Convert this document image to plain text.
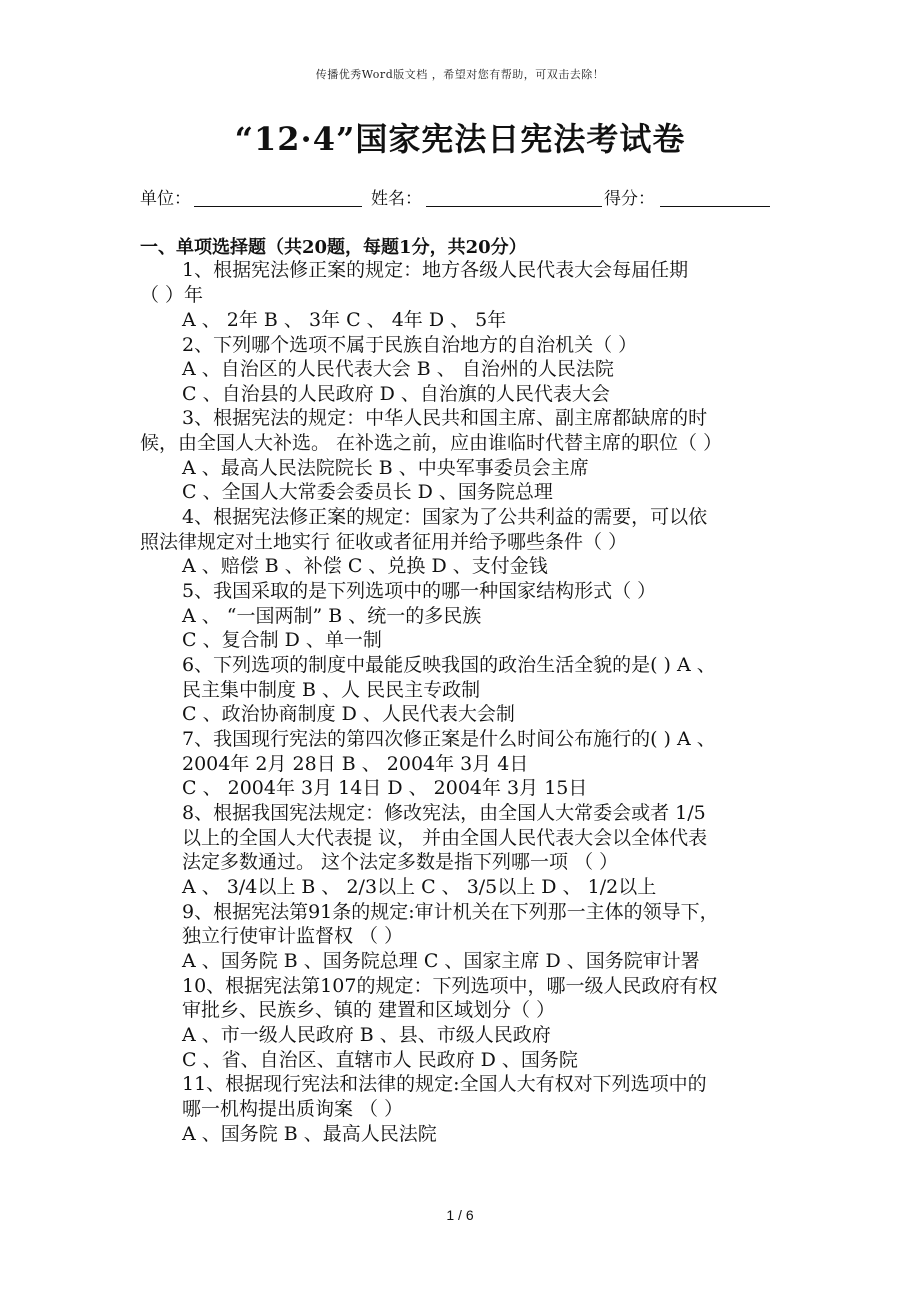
传播优秀Word版文档 ，希望对您有帮助，可双击去除！
“12·4”国家宪法日宪法考试卷
单位：	姓名：	得分：
一、单项选择题（共20题，每题1分，共20分）
1、根据宪法修正案的规定：地方各级人民代表大会每届任期
（ ）年
A 、 2年 B 、 3年 C 、 4年 D 、 5年
2、下列哪个选项不属于民族自治地方的自治机关（ ）
A 、自治区的人民代表大会 B 、 自治州的人民法院
C 、自治县的人民政府 D 、自治旗的人民代表大会
3、根据宪法的规定：中华人民共和国主席、副主席都缺席的时
候，由全国人大补选。 在补选之前，应由谁临时代替主席的职位（ ）
A 、最高人民法院院长 B 、中央军事委员会主席
C 、全国人大常委会委员长 D 、国务院总理
4、根据宪法修正案的规定：国家为了公共利益的需要，可以依
照法律规定对土地实行 征收或者征用并给予哪些条件（ ）
A 、赔偿 B 、补偿 C 、兑换 D 、支付金钱
5、我国采取的是下列选项中的哪一种国家结构形式（ ）
A 、 “一国两制” B 、统一的多民族
C 、复合制 D 、单一制
6、下列选项的制度中最能反映我国的政治生活全貌的是( ) A 、
民主集中制度 B 、人 民民主专政制
C 、政治协商制度 D 、人民代表大会制
7、我国现行宪法的第四次修正案是什么时间公布施行的( ) A 、
2004年 2月 28日 B 、 2004年 3月 4日
C 、 2004年 3月 14日 D 、 2004年 3月 15日
8、根据我国宪法规定：修改宪法，由全国人大常委会或者 1/5
以上的全国人大代表提 议， 并由全国人民代表大会以全体代表
法定多数通过。 这个法定多数是指下列哪一项 （ ）
A 、 3/4以上 B 、 2/3以上 C 、 3/5以上 D 、 1/2以上
9、根据宪法第91条的规定:审计机关在下列那一主体的领导下，
独立行使审计监督权 （ ）
A 、国务院 B 、国务院总理 C 、国家主席 D 、国务院审计署
10、根据宪法第107的规定：下列选项中，哪一级人民政府有权
审批乡、民族乡、镇的 建置和区域划分（ ）
A 、市一级人民政府 B 、县、市级人民政府
C 、省、自治区、直辖市人 民政府 D 、国务院
11、根据现行宪法和法律的规定:全国人大有权对下列选项中的
哪一机构提出质询案 （ ）
A 、国务院 B 、最高人民法院
1 / 6
